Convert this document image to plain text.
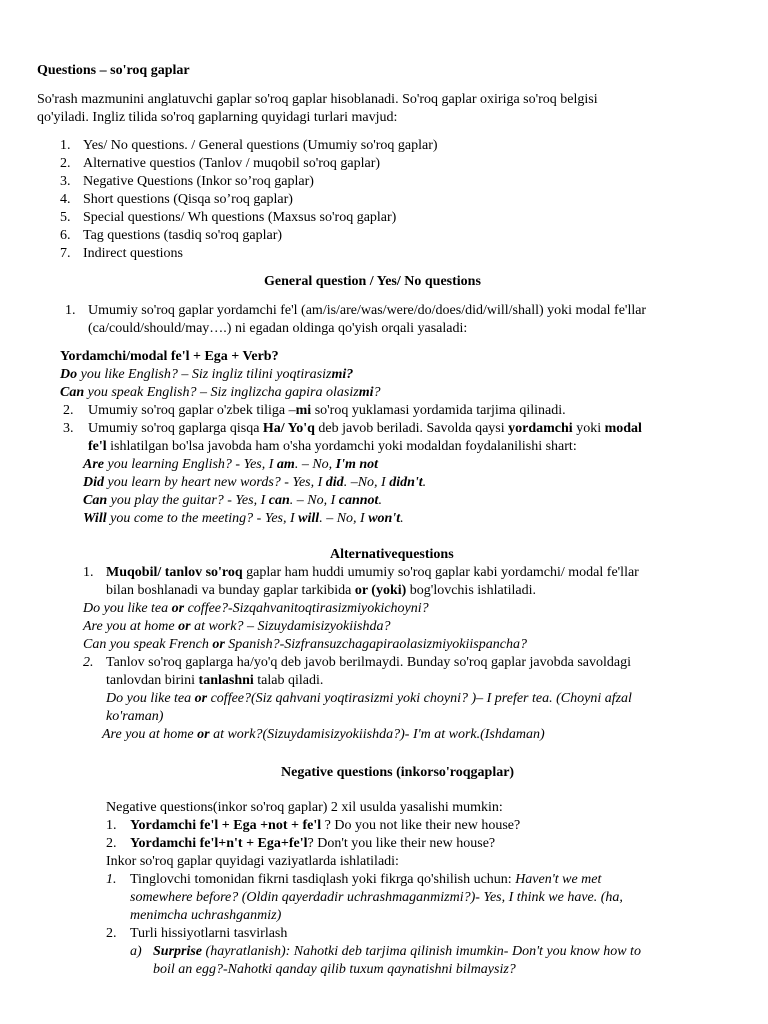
Questions – so'roq gaplar
So'rash mazmunini anglatuvchi gaplar so'roq gaplar hisoblanadi. So'roq gaplar oxiriga so'roq belgisi
qo'yiladi. Ingliz tilida so'roq gaplarning quyidagi turlari mavjud:
1. Yes/ No questions. / General questions (Umumiy so'roq gaplar)
2. Alternative questios (Tanlov / muqobil so'roq gaplar)
3. Negative Questions (Inkor so’roq gaplar)
4. Short questions (Qisqa so’roq gaplar)
5. Special questions/ Wh questions (Maxsus so'roq gaplar)
6. Tag questions (tasdiq so'roq gaplar)
7. Indirect questions
General question / Yes/ No questions
1. Umumiy so'roq gaplar yordamchi fe'l (am/is/are/was/were/do/does/did/will/shall) yoki modal fe'llar
(ca/could/should/may….) ni egadan oldinga qo'yish orqali yasaladi:
Yordamchi/modal fe'l + Ega + Verb?
Do you like English? – Siz ingliz tilini yoqtirasizmi?
Can you speak English? – Siz inglizcha gapira olasizmi?
2. Umumiy so'roq gaplar o'zbek tiliga –mi so'roq yuklamasi yordamida tarjima qilinadi.
3. Umumiy so'roq gaplarga qisqa Ha/ Yo'q deb javob beriladi. Savolda qaysi yordamchi yoki modal
fe'l ishlatilgan bo'lsa javobda ham o'sha yordamchi yoki modaldan foydalanilishi shart:
Are you learning English? - Yes, I am. – No, I'm not
Did you learn by heart new words? - Yes, I did. –No, I didn't.
Can you play the guitar? - Yes, I can. – No, I cannot.
Will you come to the meeting? - Yes, I will. – No, I won't.
Alternativequestions
1. Muqobil/ tanlov so'roq gaplar ham huddi umumiy so'roq gaplar kabi yordamchi/ modal fe'llar
bilan boshlanadi va bunday gaplar tarkibida or (yoki) bog'lovchis ishlatiladi.
Do you like tea or coffee?-Sizqahvanitoqtirasizmiyokichoyni?
Are you at home or at work? – Sizuydamisizyokiishda?
Can you speak French or Spanish?-Sizfransuzchagapiraolasizmiyokiispancha?
2. Tanlov so'roq gaplarga ha/yo'q deb javob berilmaydi. Bunday so'roq gaplar javobda savoldagi
tanlovdan birini tanlashni talab qiladi.
Do you like tea or coffee?(Siz qahvani yoqtirasizmi yoki choyni? )– I prefer tea. (Choyni afzal
ko'raman)
Are you at home or at work?(Sizuydamisizyokiishda?)- I'm at work.(Ishdaman)
Negative questions (inkorso'roqgaplar)
Negative questions(inkor so'roq gaplar) 2 xil usulda yasalishi mumkin:
1. Yordamchi fe'l + Ega +not + fe'l ? Do you not like their new house?
2. Yordamchi fe'l+n't + Ega+fe'l? Don't you like their new house?
Inkor so'roq gaplar quyidagi vaziyatlarda ishlatiladi:
1. Tinglovchi tomonidan fikrni tasdiqlash yoki fikrga qo'shilish uchun: Haven't we met
somewhere before? (Oldin qayerdadir uchrashmaganmizmi?)- Yes, I think we have. (ha,
menimcha uchrashganmiz)
2. Turli hissiyotlarni tasvirlash
a) Surprise (hayratlanish): Nahotki deb tarjima qilinish imumkin- Don't you know how to
boil an egg?-Nahotki qanday qilib tuxum qaynatishni bilmaysiz?
